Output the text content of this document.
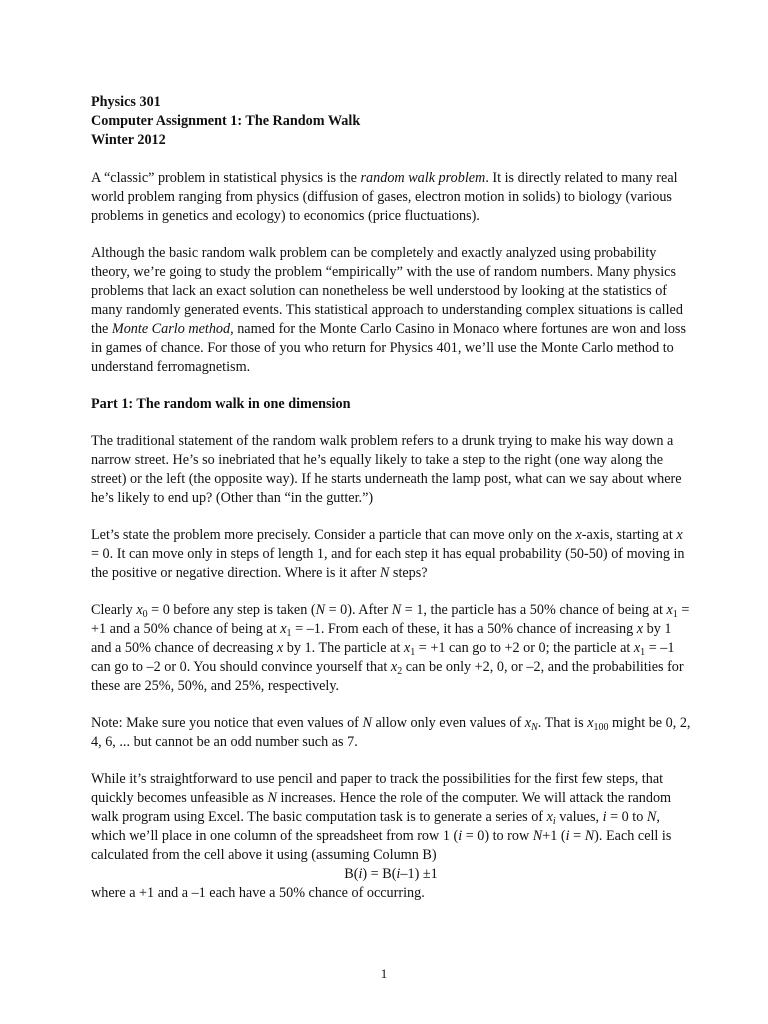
Physics 301
Computer Assignment 1: The Random Walk
Winter 2012

A “classic” problem in statistical physics is the random walk problem. It is directly related to many real world problem ranging from physics (diffusion of gases, electron motion in solids) to biology (various problems in genetics and ecology) to economics (price fluctuations).

Although the basic random walk problem can be completely and exactly analyzed using probability theory, we’re going to study the problem “empirically” with the use of random numbers. Many physics problems that lack an exact solution can nonetheless be well understood by looking at the statistics of many randomly generated events. This statistical approach to understanding complex situations is called the Monte Carlo method, named for the Monte Carlo Casino in Monaco where fortunes are won and loss in games of chance. For those of you who return for Physics 401, we’ll use the Monte Carlo method to understand ferromagnetism.

Part 1: The random walk in one dimension

The traditional statement of the random walk problem refers to a drunk trying to make his way down a narrow street. He’s so inebriated that he’s equally likely to take a step to the right (one way along the street) or the left (the opposite way). If he starts underneath the lamp post, what can we say about where he’s likely to end up? (Other than “in the gutter.”)

Let’s state the problem more precisely. Consider a particle that can move only on the x-axis, starting at x = 0. It can move only in steps of length 1, and for each step it has equal probability (50-50) of moving in the positive or negative direction. Where is it after N steps?

Clearly $x_0 = 0$ before any step is taken (N = 0). After N = 1, the particle has a 50% chance of being at $x_1 = +1$ and a 50% chance of being at $x_1 = -1$. From each of these, it has a 50% chance of increasing x by 1 and a 50% chance of decreasing x by 1. The particle at $x_1 = +1$ can go to +2 or 0; the particle at $x_1 = -1$ can go to –2 or 0. You should convince yourself that $x_2$ can be only +2, 0, or –2, and the probabilities for these are 25%, 50%, and 25%, respectively.

Note: Make sure you notice that even values of N allow only even values of $x_N$. That is $x_{100}$ might be 0, 2, 4, 6, ... but cannot be an odd number such as 7.

While it’s straightforward to use pencil and paper to track the possibilities for the first few steps, that quickly becomes unfeasible as N increases. Hence the role of the computer. We will attack the random walk program using Excel. The basic computation task is to generate a series of $x_i$ values, i = 0 to N, which we’ll place in one column of the spreadsheet from row 1 (i = 0) to row N+1 (i = N). Each cell is calculated from the cell above it using (assuming Column B)

B(i) = B(i–1) ±1

where a +1 and a –1 each have a 50% chance of occurring.

1
